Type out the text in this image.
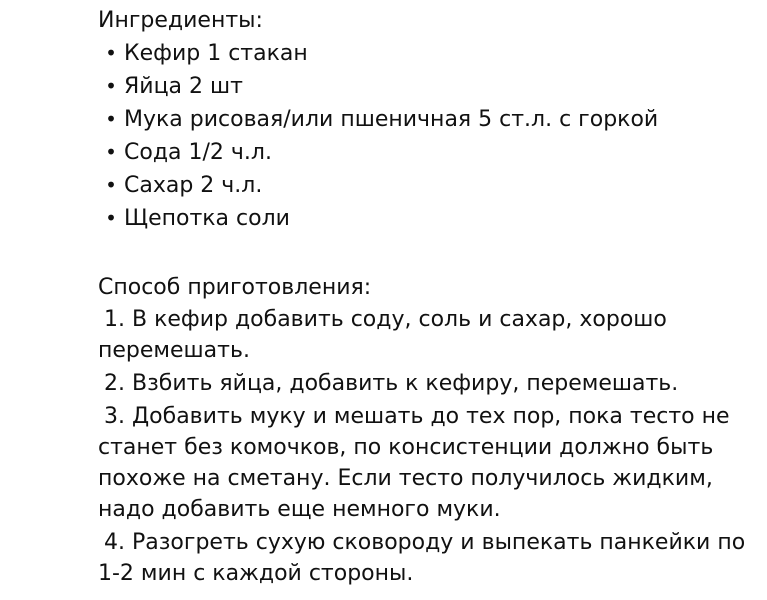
Ингредиенты:
• Кефир 1 стакан
• Яйца 2 шт
• Мука рисовая/или пшеничная 5 ст.л. с горкой
• Сода 1/2 ч.л.
• Сахар 2 ч.л.
• Щепотка соли
Способ приготовления:

1. В кефир добавить соду, соль и сахар, хорошо перемешать.

2. Взбить яйца, добавить к кефиру, перемешать.

3. Добавить муку и мешать до тех пор, пока тесто не станет без комочков, по консистенции должно быть похоже на сметану. Если тесто получилось жидким, надо добавить еще немного муки.

4. Разогреть сухую сковороду и выпекать панкейки по 1-2 мин с каждой стороны.
